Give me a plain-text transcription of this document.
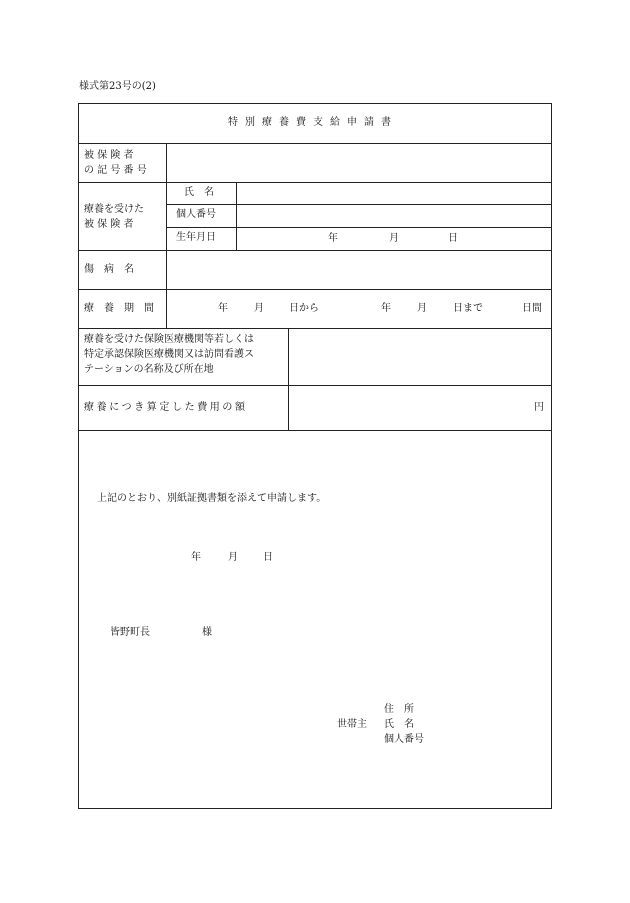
様式第23号の(2)
特別療養費支給申請書
被 保 険 者
の 記 号 番 号
療養を受けた
被 保 険 者
氏　名
個人番号
生年月日	年	月	日
傷　病　名
療　養　期　間	年	月	日から	年	月	日まで	日間
療養を受けた保険医療機関等若しくは
特定承認保険医療機関又は訪問看護ス
テーションの名称及び所在地
療養につき算定した費用の額	円
上記のとおり、別紙証拠書類を添えて申請します。
年	月	日
皆野町長	様
住　所
世帯主 氏　名
個人番号
